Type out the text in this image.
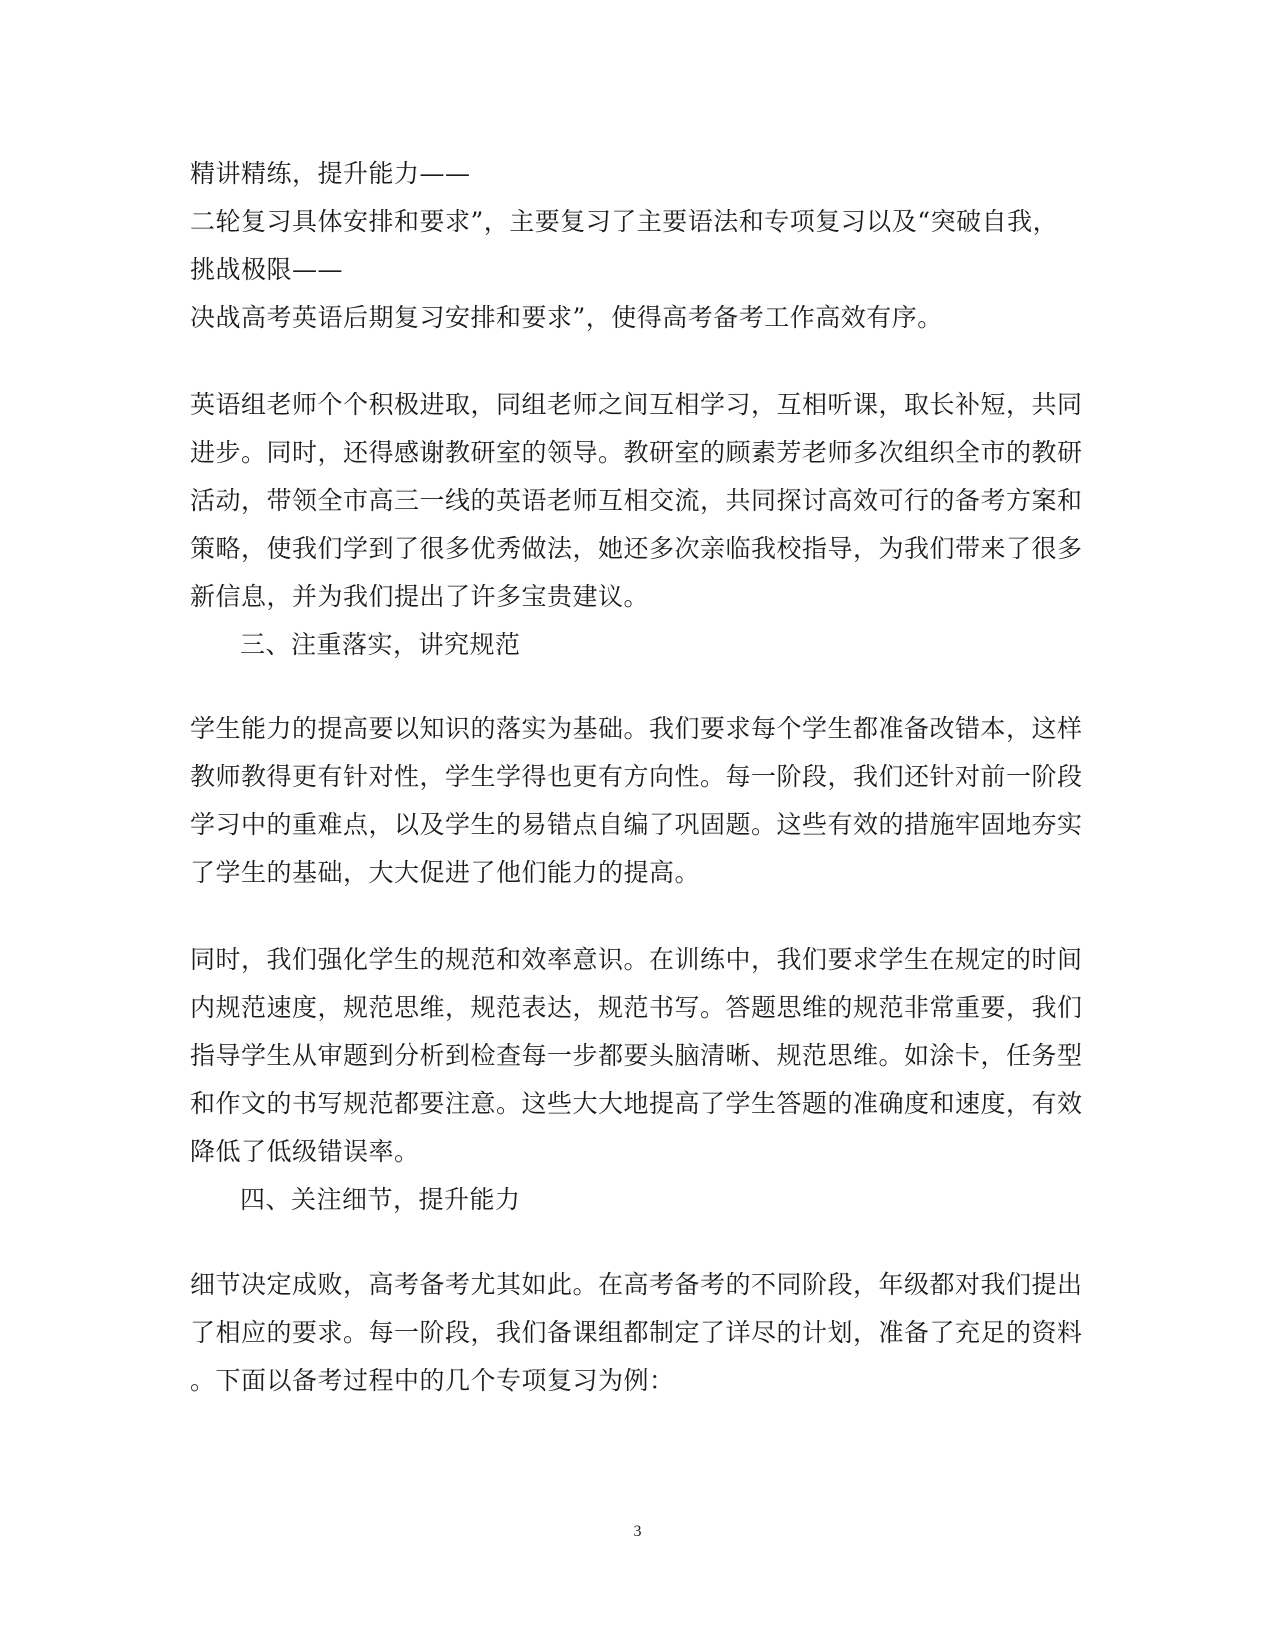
精讲精练，提升能力——
二轮复习具体安排和要求”，主要复习了主要语法和专项复习以及“突破自我，
挑战极限——
决战高考英语后期复习安排和要求”，使得高考备考工作高效有序。
英语组老师个个积极进取，同组老师之间互相学习，互相听课，取长补短，共同
进步。同时，还得感谢教研室的领导。教研室的顾素芳老师多次组织全市的教研
活动，带领全市高三一线的英语老师互相交流，共同探讨高效可行的备考方案和
策略，使我们学到了很多优秀做法，她还多次亲临我校指导，为我们带来了很多
新信息，并为我们提出了许多宝贵建议。
三、注重落实，讲究规范
学生能力的提高要以知识的落实为基础。我们要求每个学生都准备改错本，这样
教师教得更有针对性，学生学得也更有方向性。每一阶段，我们还针对前一阶段
学习中的重难点，以及学生的易错点自编了巩固题。这些有效的措施牢固地夯实
了学生的基础，大大促进了他们能力的提高。
同时，我们强化学生的规范和效率意识。在训练中，我们要求学生在规定的时间
内规范速度，规范思维，规范表达，规范书写。答题思维的规范非常重要，我们
指导学生从审题到分析到检查每一步都要头脑清晰、规范思维。如涂卡，任务型
和作文的书写规范都要注意。这些大大地提高了学生答题的准确度和速度，有效
降低了低级错误率。
四、关注细节，提升能力
细节决定成败，高考备考尤其如此。在高考备考的不同阶段，年级都对我们提出
了相应的要求。每一阶段，我们备课组都制定了详尽的计划，准备了充足的资料
。下面以备考过程中的几个专项复习为例：
3
